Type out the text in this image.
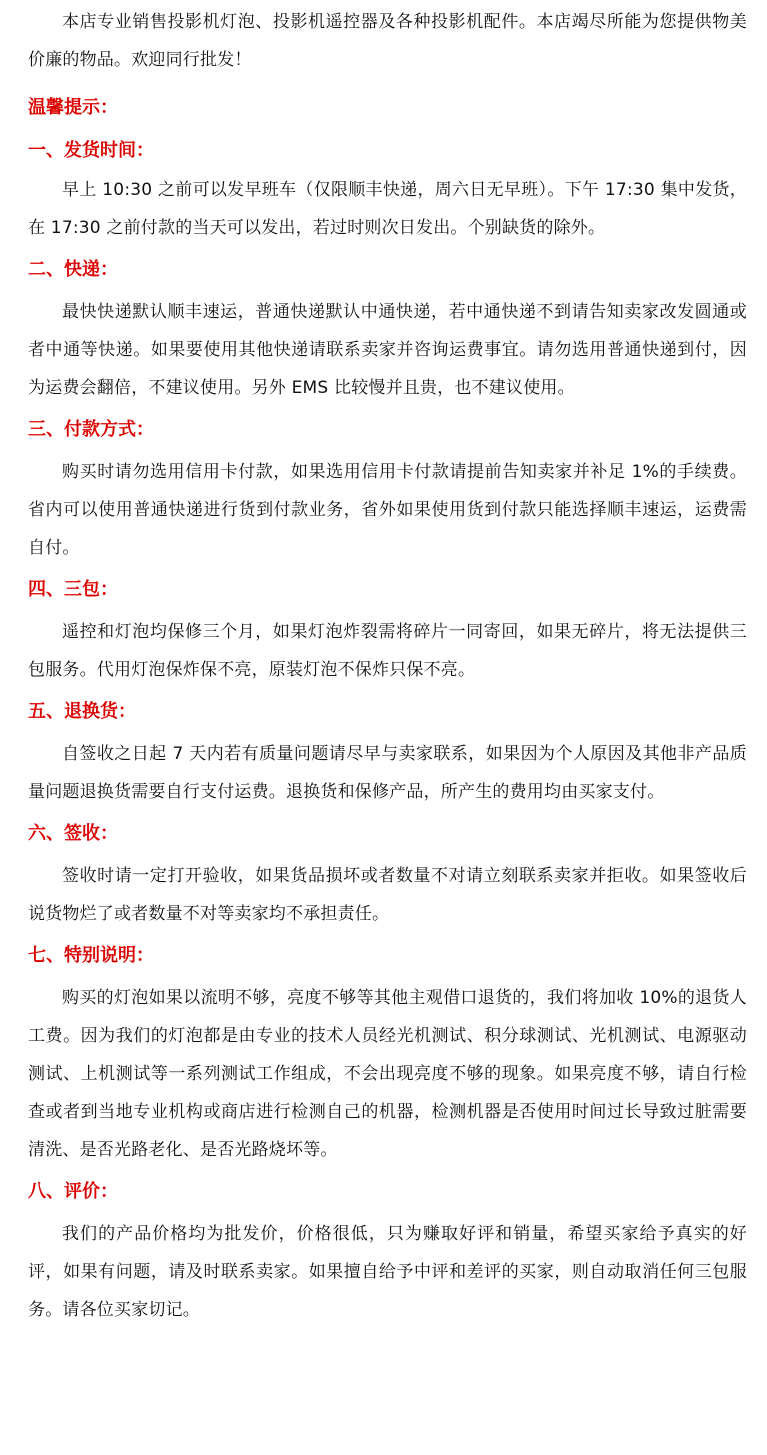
本店专业销售投影机灯泡、投影机遥控器及各种投影机配件。本店竭尽所能为您提供物美价廉的物品。欢迎同行批发！

温馨提示：

一、发货时间：

早上 10:30 之前可以发早班车（仅限顺丰快递，周六日无早班）。下午 17:30 集中发货，在 17:30 之前付款的当天可以发出，若过时则次日发出。个别缺货的除外。

二、快递：

最快快递默认顺丰速运，普通快递默认中通快递，若中通快递不到请告知卖家改发圆通或者中通等快递。如果要使用其他快递请联系卖家并咨询运费事宜。请勿选用普通快递到付，因为运费会翻倍，不建议使用。另外 EMS 比较慢并且贵，也不建议使用。

三、付款方式：

购买时请勿选用信用卡付款，如果选用信用卡付款请提前告知卖家并补足 1%的手续费。省内可以使用普通快递进行货到付款业务，省外如果使用货到付款只能选择顺丰速运，运费需自付。

四、三包：

遥控和灯泡均保修三个月，如果灯泡炸裂需将碎片一同寄回，如果无碎片，将无法提供三包服务。代用灯泡保炸保不亮，原装灯泡不保炸只保不亮。

五、退换货：

自签收之日起 7 天内若有质量问题请尽早与卖家联系，如果因为个人原因及其他非产品质量问题退换货需要自行支付运费。退换货和保修产品，所产生的费用均由买家支付。

六、签收：

签收时请一定打开验收，如果货品损坏或者数量不对请立刻联系卖家并拒收。如果签收后说货物烂了或者数量不对等卖家均不承担责任。

七、特别说明：

购买的灯泡如果以流明不够，亮度不够等其他主观借口退货的，我们将加收 10%的退货人工费。因为我们的灯泡都是由专业的技术人员经光机测试、积分球测试、光机测试、电源驱动测试、上机测试等一系列测试工作组成，不会出现亮度不够的现象。如果亮度不够，请自行检查或者到当地专业机构或商店进行检测自己的机器，检测机器是否使用时间过长导致过脏需要清洗、是否光路老化、是否光路烧坏等。

八、评价：

我们的产品价格均为批发价，价格很低，只为赚取好评和销量，希望买家给予真实的好评，如果有问题，请及时联系卖家。如果擅自给予中评和差评的买家，则自动取消任何三包服务。请各位买家切记。
